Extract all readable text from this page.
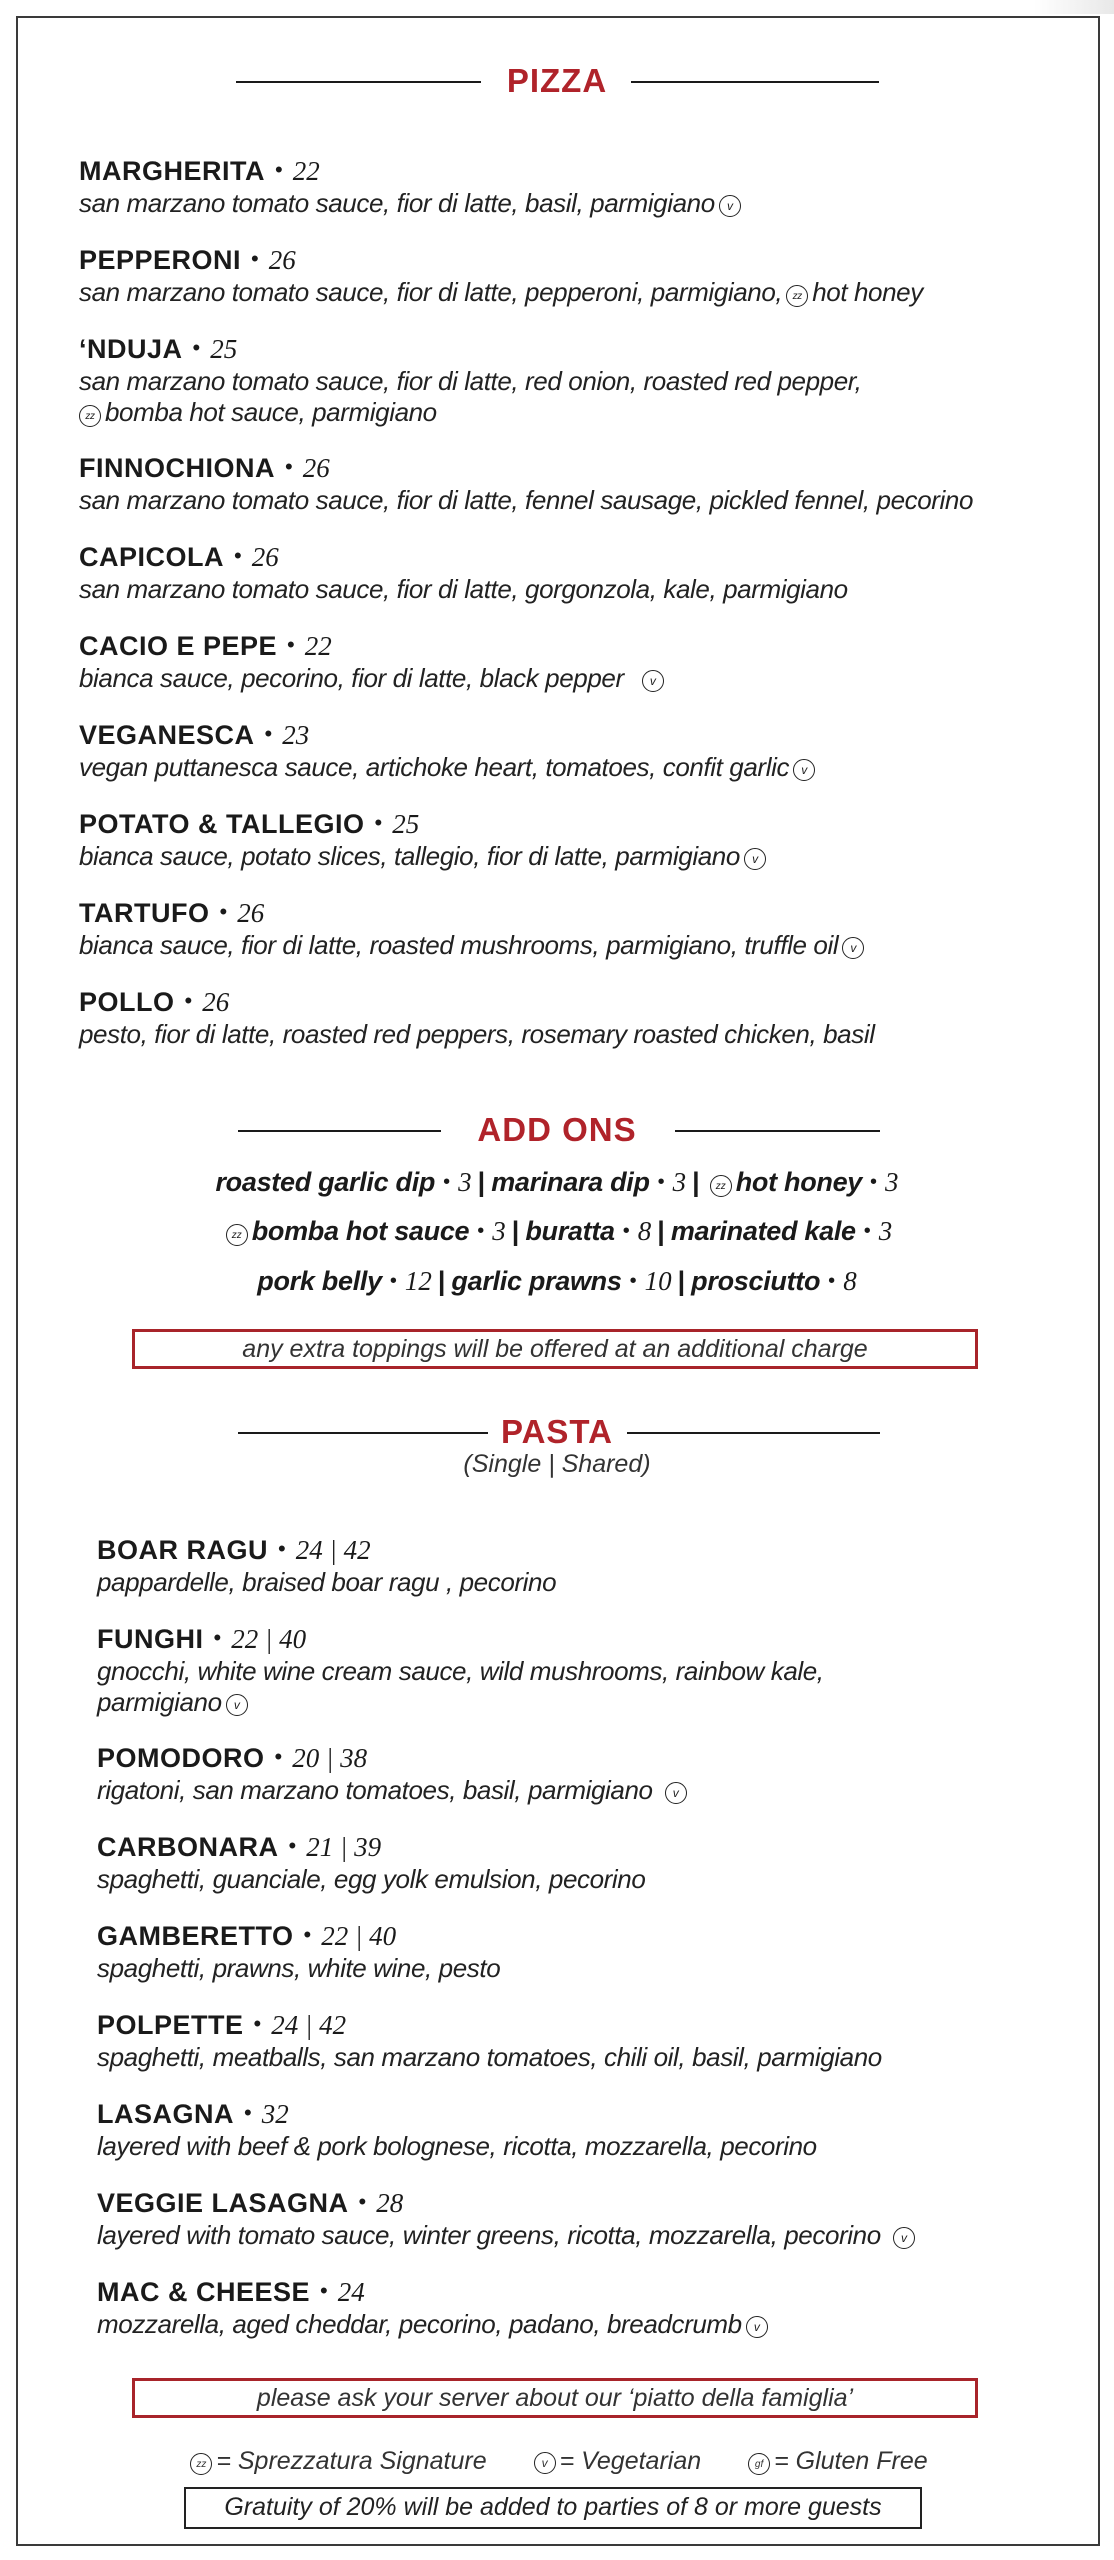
PIZZA
MARGHERITA • 22
san marzano tomato sauce, fior di latte, basil, parmigiano v
PEPPERONI • 26
san marzano tomato sauce, fior di latte, pepperoni, parmigiano, zz hot honey
‘NDUJA • 25
san marzano tomato sauce, fior di latte, red onion, roasted red pepper,
zz bomba hot sauce, parmigiano
FINNOCHIONA • 26
san marzano tomato sauce, fior di latte, fennel sausage, pickled fennel, pecorino
CAPICOLA • 26
san marzano tomato sauce, fior di latte, gorgonzola, kale, parmigiano
CACIO E PEPE • 22
bianca sauce, pecorino, fior di latte, black pepper v
VEGANESCA • 23
vegan puttanesca sauce, artichoke heart, tomatoes, confit garlic v
POTATO & TALLEGIO • 25
bianca sauce, potato slices, tallegio, fior di latte, parmigiano v
TARTUFO • 26
bianca sauce, fior di latte, roasted mushrooms, parmigiano, truffle oil v
POLLO • 26
pesto, fior di latte, roasted red peppers, rosemary roasted chicken, basil
ADD ONS
roasted garlic dip • 3 | marinara dip • 3 | zz hot honey • 3
zz bomba hot sauce • 3 | buratta • 8 | marinated kale • 3
pork belly • 12 | garlic prawns • 10 | prosciutto • 8
any extra toppings will be offered at an additional charge
PASTA
(Single | Shared)
BOAR RAGU • 24 | 42
pappardelle, braised boar ragu , pecorino
FUNGHI • 22 | 40
gnocchi, white wine cream sauce, wild mushrooms, rainbow kale,
parmigiano v
POMODORO • 20 | 38
rigatoni, san marzano tomatoes, basil, parmigiano v
CARBONARA • 21 | 39
spaghetti, guanciale, egg yolk emulsion, pecorino
GAMBERETTO • 22 | 40
spaghetti, prawns, white wine, pesto
POLPETTE • 24 | 42
spaghetti, meatballs, san marzano tomatoes, chili oil, basil, parmigiano
LASAGNA • 32
layered with beef & pork bolognese, ricotta, mozzarella, pecorino
VEGGIE LASAGNA • 28
layered with tomato sauce, winter greens, ricotta, mozzarella, pecorino v
MAC & CHEESE • 24
mozzarella, aged cheddar, pecorino, padano, breadcrumb v
please ask your server about our ‘piatto della famiglia’
zz = Sprezzatura Signature	v = Vegetarian	gf = Gluten Free
Gratuity of 20% will be added to parties of 8 or more guests
